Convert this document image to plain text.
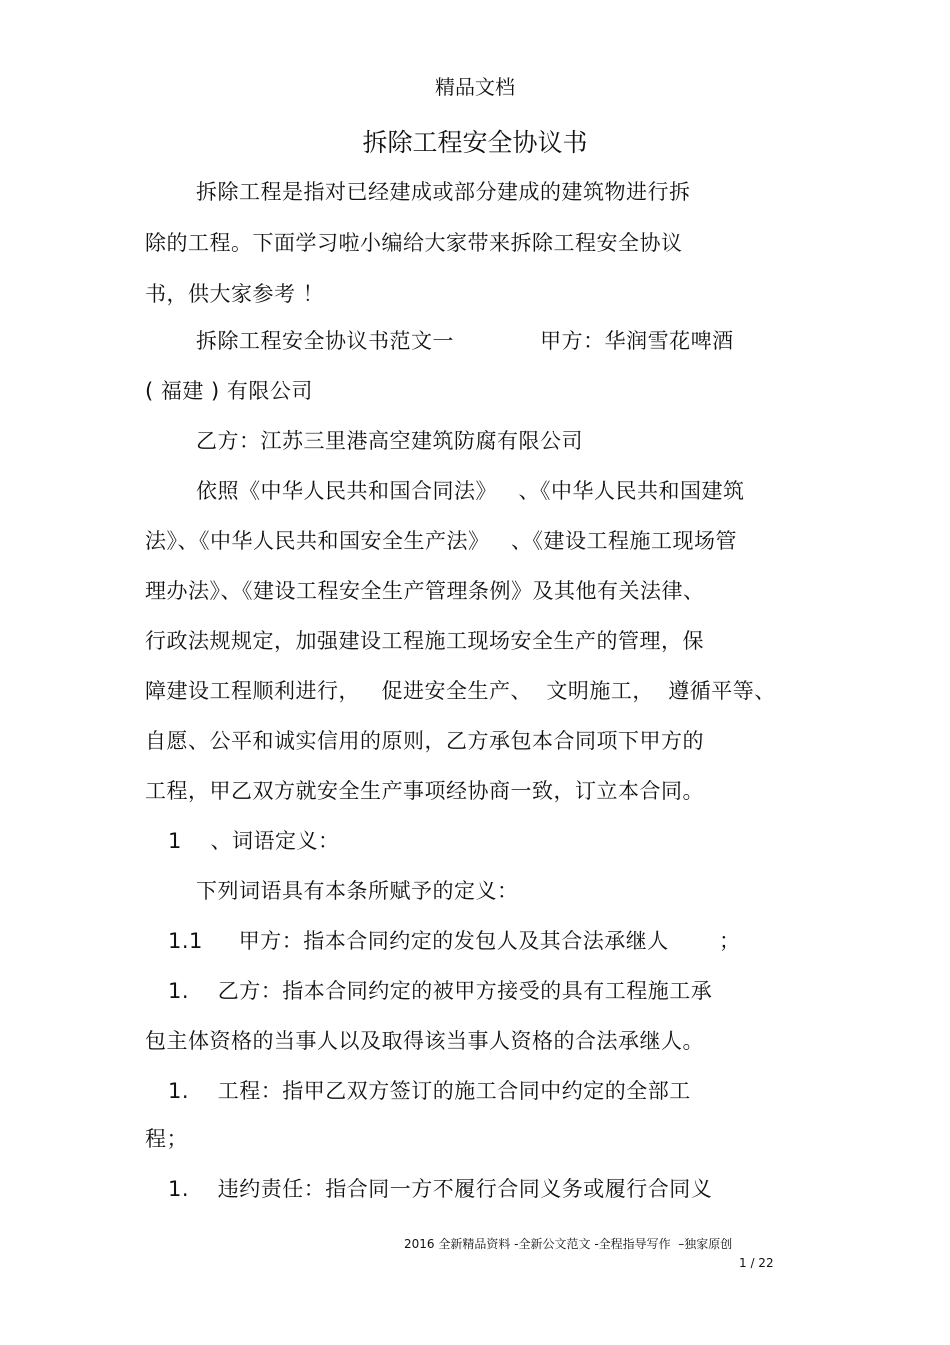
精品文档
拆除工程安全协议书
拆除工程是指对已经建成或部分建成的建筑物进行拆
除的工程。下面学习啦小编给大家带来拆除工程安全协议
书，供大家参考 ！
拆除工程安全协议书范文一            甲方：华润雪花啤酒
( 福建 ) 有限公司
乙方：江苏三里港高空建筑防腐有限公司
依照《中华人民共和国合同法》   、《中华人民共和国建筑
法》、《中华人民共和国安全生产法》   、《建设工程施工现场管
理办法》、《建设工程安全生产管理条例》及其他有关法律、
行政法规规定，加强建设工程施工现场安全生产的管理，保
障建设工程顺利进行，   促进安全生产、  文明施工，  遵循平等、
自愿、公平和诚实信用的原则，乙方承包本合同项下甲方的
工程，甲乙双方就安全生产事项经协商一致，订立本合同。
1    、词语定义：
下列词语具有本条所赋予的定义：
1.1     甲方：指本合同约定的发包人及其合法承继人       ；
1.    乙方：指本合同约定的被甲方接受的具有工程施工承
包主体资格的当事人以及取得该当事人资格的合法承继人。
1.    工程：指甲乙双方签订的施工合同中约定的全部工
程；
1.    违约责任：指合同一方不履行合同义务或履行合同义
2016 全新精品资料 -全新公文范文 -全程指导写作  –独家原创
1 / 22
